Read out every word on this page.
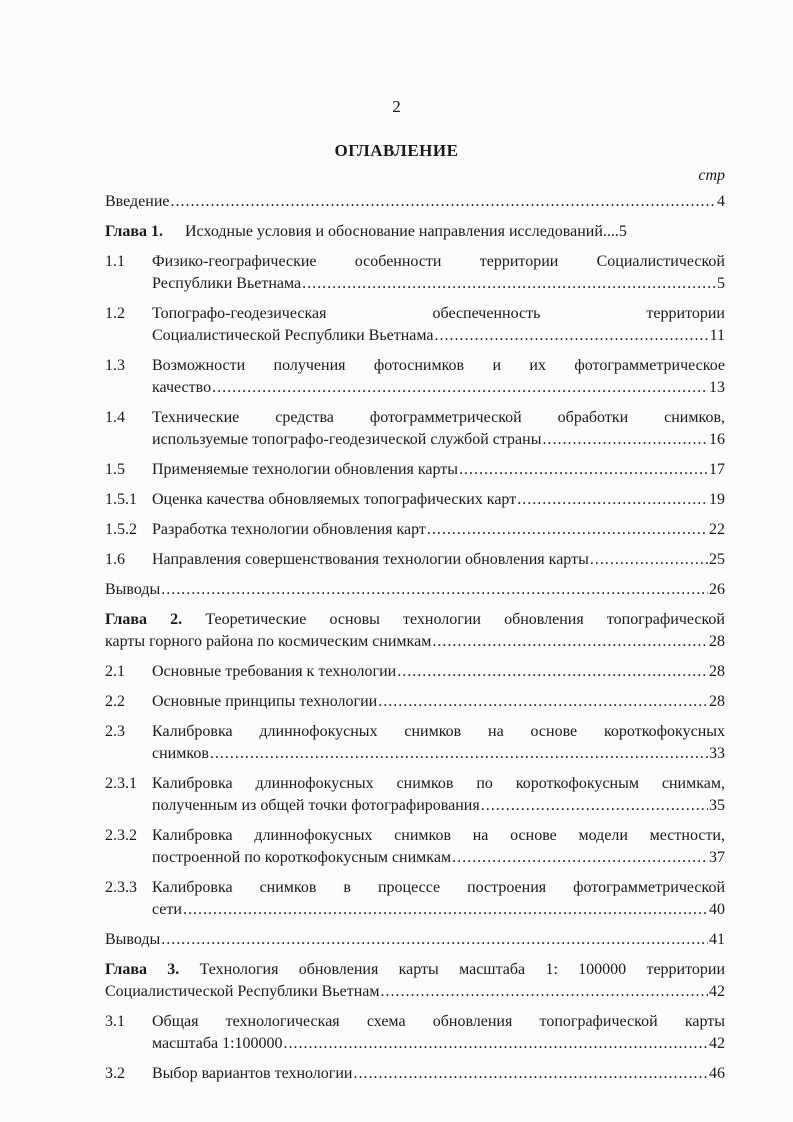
2
ОГЛАВЛЕНИЕ
стр
Введение .....	4
Глава 1. Исходные условия и обоснование направления исследований .... 5
1.1 Физико-географические особенности территории Социалистической
Республики Вьетнама .....	5
1.2 Топографо-геодезическая обеспеченность территории
Социалистической Республики Вьетнама .....	11
1.3 Возможности получения фотоснимков и их фотограмметрическое
качество .....	13
1.4 Технические средства фотограмметрической обработки снимков,
используемые топографо-геодезической службой страны .....	16
1.5 Применяемые технологии обновления карты .....	17
1.5.1 Оценка качества обновляемых топографических карт .....	19
1.5.2 Разработка технологии обновления карт .....	22
1.6 Направления совершенствования технологии обновления карты .....	25
Выводы .....	26
Глава 2. Теоретические основы технологии обновления топографической
карты горного района по космическим снимкам .....	28
2.1 Основные требования к технологии .....	28
2.2 Основные принципы технологии .....	28
2.3 Калибровка длиннофокусных снимков на основе короткофокусных
снимков .....	33
2.3.1 Калибровка длиннофокусных снимков по короткофокусным снимкам,
полученным из общей точки фотографирования .....	35
2.3.2 Калибровка длиннофокусных снимков на основе модели местности,
построенной по короткофокусным снимкам .....	37
2.3.3 Калибровка снимков в процессе построения фотограмметрической
сети .....	40
Выводы .....	41
Глава 3. Технология обновления карты масштаба 1: 100000 территории
Социалистической Республики Вьетнам .....	42
3.1 Общая технологическая схема обновления топографической карты
масштаба 1:100000 .....	42
3.2 Выбор вариантов технологии .....	46
